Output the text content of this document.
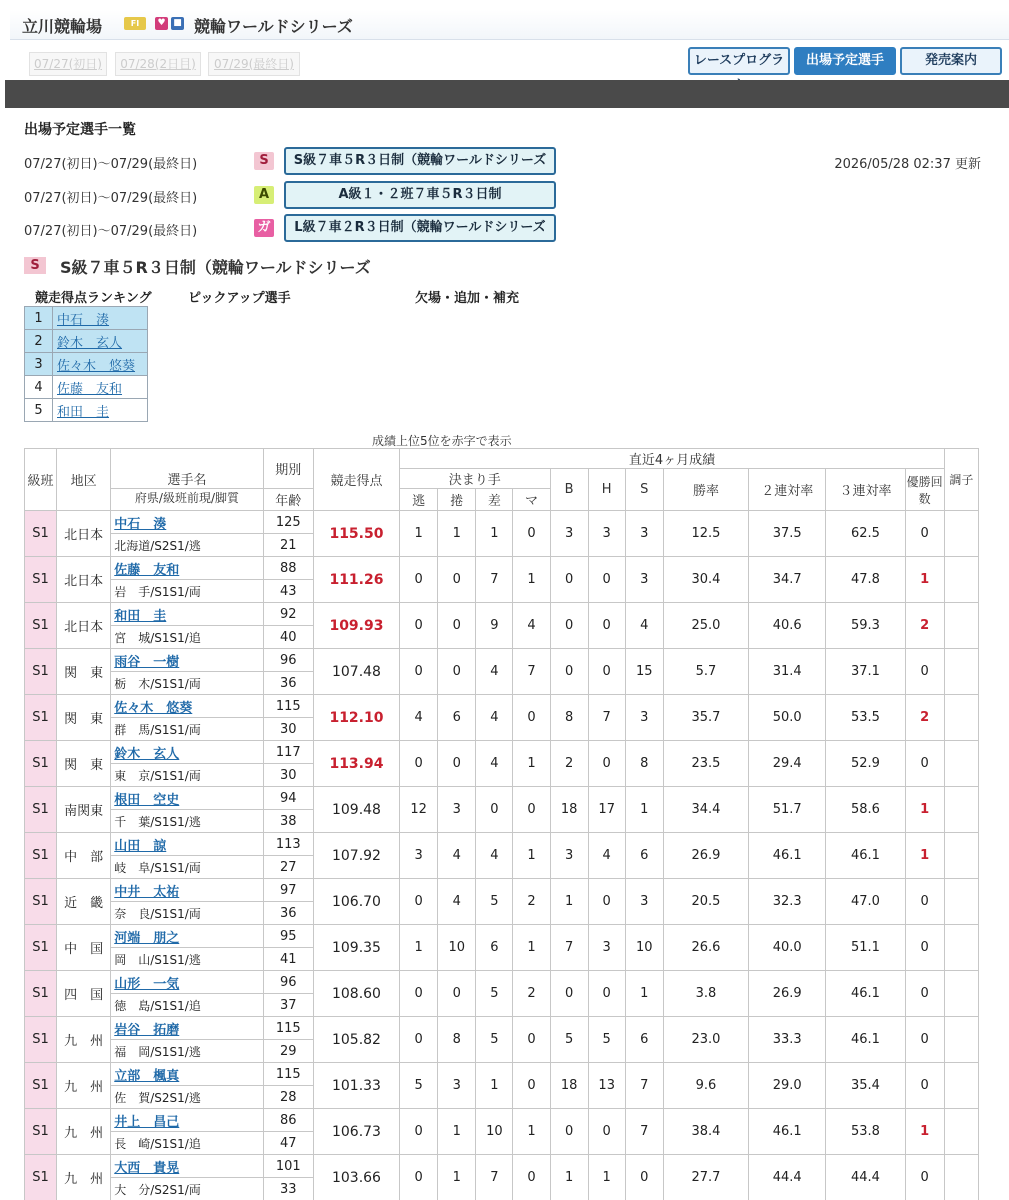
立川競輪場	FI	♥ ■ 競輪ワールドシリーズ
07/27(初日)	07/28(2日目)	07/29(最終日)	レースプログラ	出場予定選手	発売案内
出場予定選手一覧
07/27(初日)〜07/29(最終日)	S	S級７車５R３日制（競輪ワールドシリーズ
07/27(初日)〜07/29(最終日)	A	A級１・２班７車５R３日制
07/27(初日)〜07/29(最終日)	ガ	L級７車２R３日制（競輪ワールドシリーズ
2026/05/28 02:37 更新
S	S級７車５R３日制（競輪ワールドシリーズ
競走得点ランキング	ピックアップ選手	欠場・追加・補充
1	中石　湊
2	鈴木　玄人
3	佐々木　悠葵
4	佐藤　友和
5	和田　圭
成績上位5位を赤字で表示
級班	地区	選手名	期別	競走得点	直近4ヶ月成績											調子
					決まり手				B	H	S	勝率	２連対率	３連対率	優勝回数	
		府県/級班前現/脚質	年齢		逃	捲	差	マ								
S1	北日本	中石　湊	125	115.50	1	1	1	0	3	3	3	12.5	37.5	62.5	0	
		北海道/S2S1/逃	21													
S1	北日本	佐藤　友和	88	111.26	0	0	7	1	0	0	3	30.4	34.7	47.8	1	
		岩　手/S1S1/両	43													
S1	北日本	和田　圭	92	109.93	0	0	9	4	0	0	4	25.0	40.6	59.3	2	
		宮　城/S1S1/追	40													
S1	関　東	雨谷　一樹	96	107.48	0	0	4	7	0	0	15	5.7	31.4	37.1	0	
		栃　木/S1S1/両	36													
S1	関　東	佐々木　悠葵	115	112.10	4	6	4	0	8	7	3	35.7	50.0	53.5	2	
		群　馬/S1S1/両	30													
S1	関　東	鈴木　玄人	117	113.94	0	0	4	1	2	0	8	23.5	29.4	52.9	0	
		東　京/S1S1/両	30													
S1	南関東	根田　空史	94	109.48	12	3	0	0	18	17	1	34.4	51.7	58.6	1	
		千　葉/S1S1/逃	38													
S1	中　部	山田　諒	113	107.92	3	4	4	1	3	4	6	26.9	46.1	46.1	1	
		岐　阜/S1S1/両	27													
S1	近　畿	中井　太祐	97	106.70	0	4	5	2	1	0	3	20.5	32.3	47.0	0	
		奈　良/S1S1/両	36													
S1	中　国	河端　朋之	95	109.35	1	10	6	1	7	3	10	26.6	40.0	51.1	0	
		岡　山/S1S1/逃	41													
S1	四　国	山形　一気	96	108.60	0	0	5	2	0	0	1	3.8	26.9	46.1	0	
		徳　島/S1S1/追	37													
S1	九　州	岩谷　拓磨	115	105.82	0	8	5	0	5	5	6	23.0	33.3	46.1	0	
		福　岡/S1S1/逃	29													
S1	九　州	立部　楓真	115	101.33	5	3	1	0	18	13	7	9.6	29.0	35.4	0	
		佐　賀/S2S1/逃	28													
S1	九　州	井上　昌己	86	106.73	0	1	10	1	0	0	7	38.4	46.1	53.8	1	
		長　崎/S1S1/追	47													
S1	九　州	大西　貴晃	101	103.66	0	1	7	0	1	1	0	27.7	44.4	44.4	0	
		大　分/S2S1/両	33													
